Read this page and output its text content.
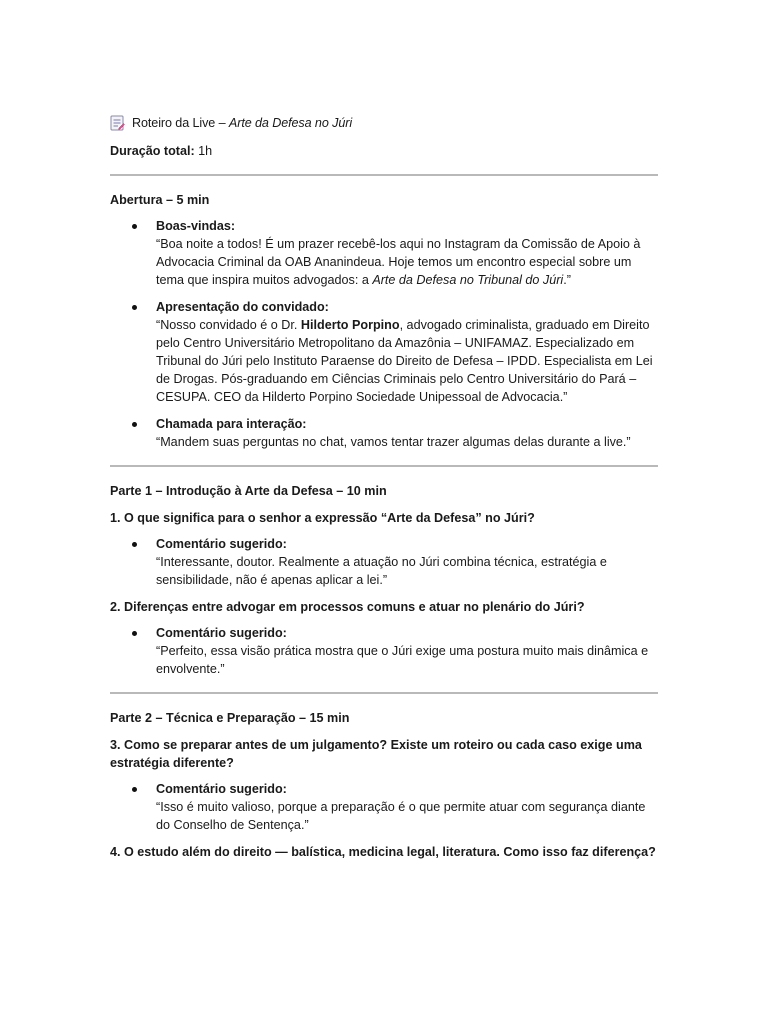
Roteiro da Live – Arte da Defesa no Júri

Duração total: 1h

Abertura – 5 min

Boas-vindas:
“Boa noite a todos! É um prazer recebê-los aqui no Instagram da Comissão de Apoio à Advocacia Criminal da OAB Ananindeua. Hoje temos um encontro especial sobre um tema que inspira muitos advogados: a Arte da Defesa no Tribunal do Júri.”
Apresentação do convidado:
“Nosso convidado é o Dr. Hilderto Porpino, advogado criminalista, graduado em Direito pelo Centro Universitário Metropolitano da Amazônia – UNIFAMAZ. Especializado em Tribunal do Júri pelo Instituto Paraense do Direito de Defesa – IPDD. Especialista em Lei de Drogas. Pós-graduando em Ciências Criminais pelo Centro Universitário do Pará – CESUPA. CEO da Hilderto Porpino Sociedade Unipessoal de Advocacia.”
Chamada para interação:
“Mandem suas perguntas no chat, vamos tentar trazer algumas delas durante a live.”

Parte 1 – Introdução à Arte da Defesa – 10 min

1. O que significa para o senhor a expressão “Arte da Defesa” no Júri?

Comentário sugerido:
“Interessante, doutor. Realmente a atuação no Júri combina técnica, estratégia e sensibilidade, não é apenas aplicar a lei.”

2. Diferenças entre advogar em processos comuns e atuar no plenário do Júri?

Comentário sugerido:
“Perfeito, essa visão prática mostra que o Júri exige uma postura muito mais dinâmica e envolvente.”

Parte 2 – Técnica e Preparação – 15 min

3. Como se preparar antes de um julgamento? Existe um roteiro ou cada caso exige uma estratégia diferente?

Comentário sugerido:
“Isso é muito valioso, porque a preparação é o que permite atuar com segurança diante do Conselho de Sentença.”

4. O estudo além do direito — balística, medicina legal, literatura. Como isso faz diferença?
